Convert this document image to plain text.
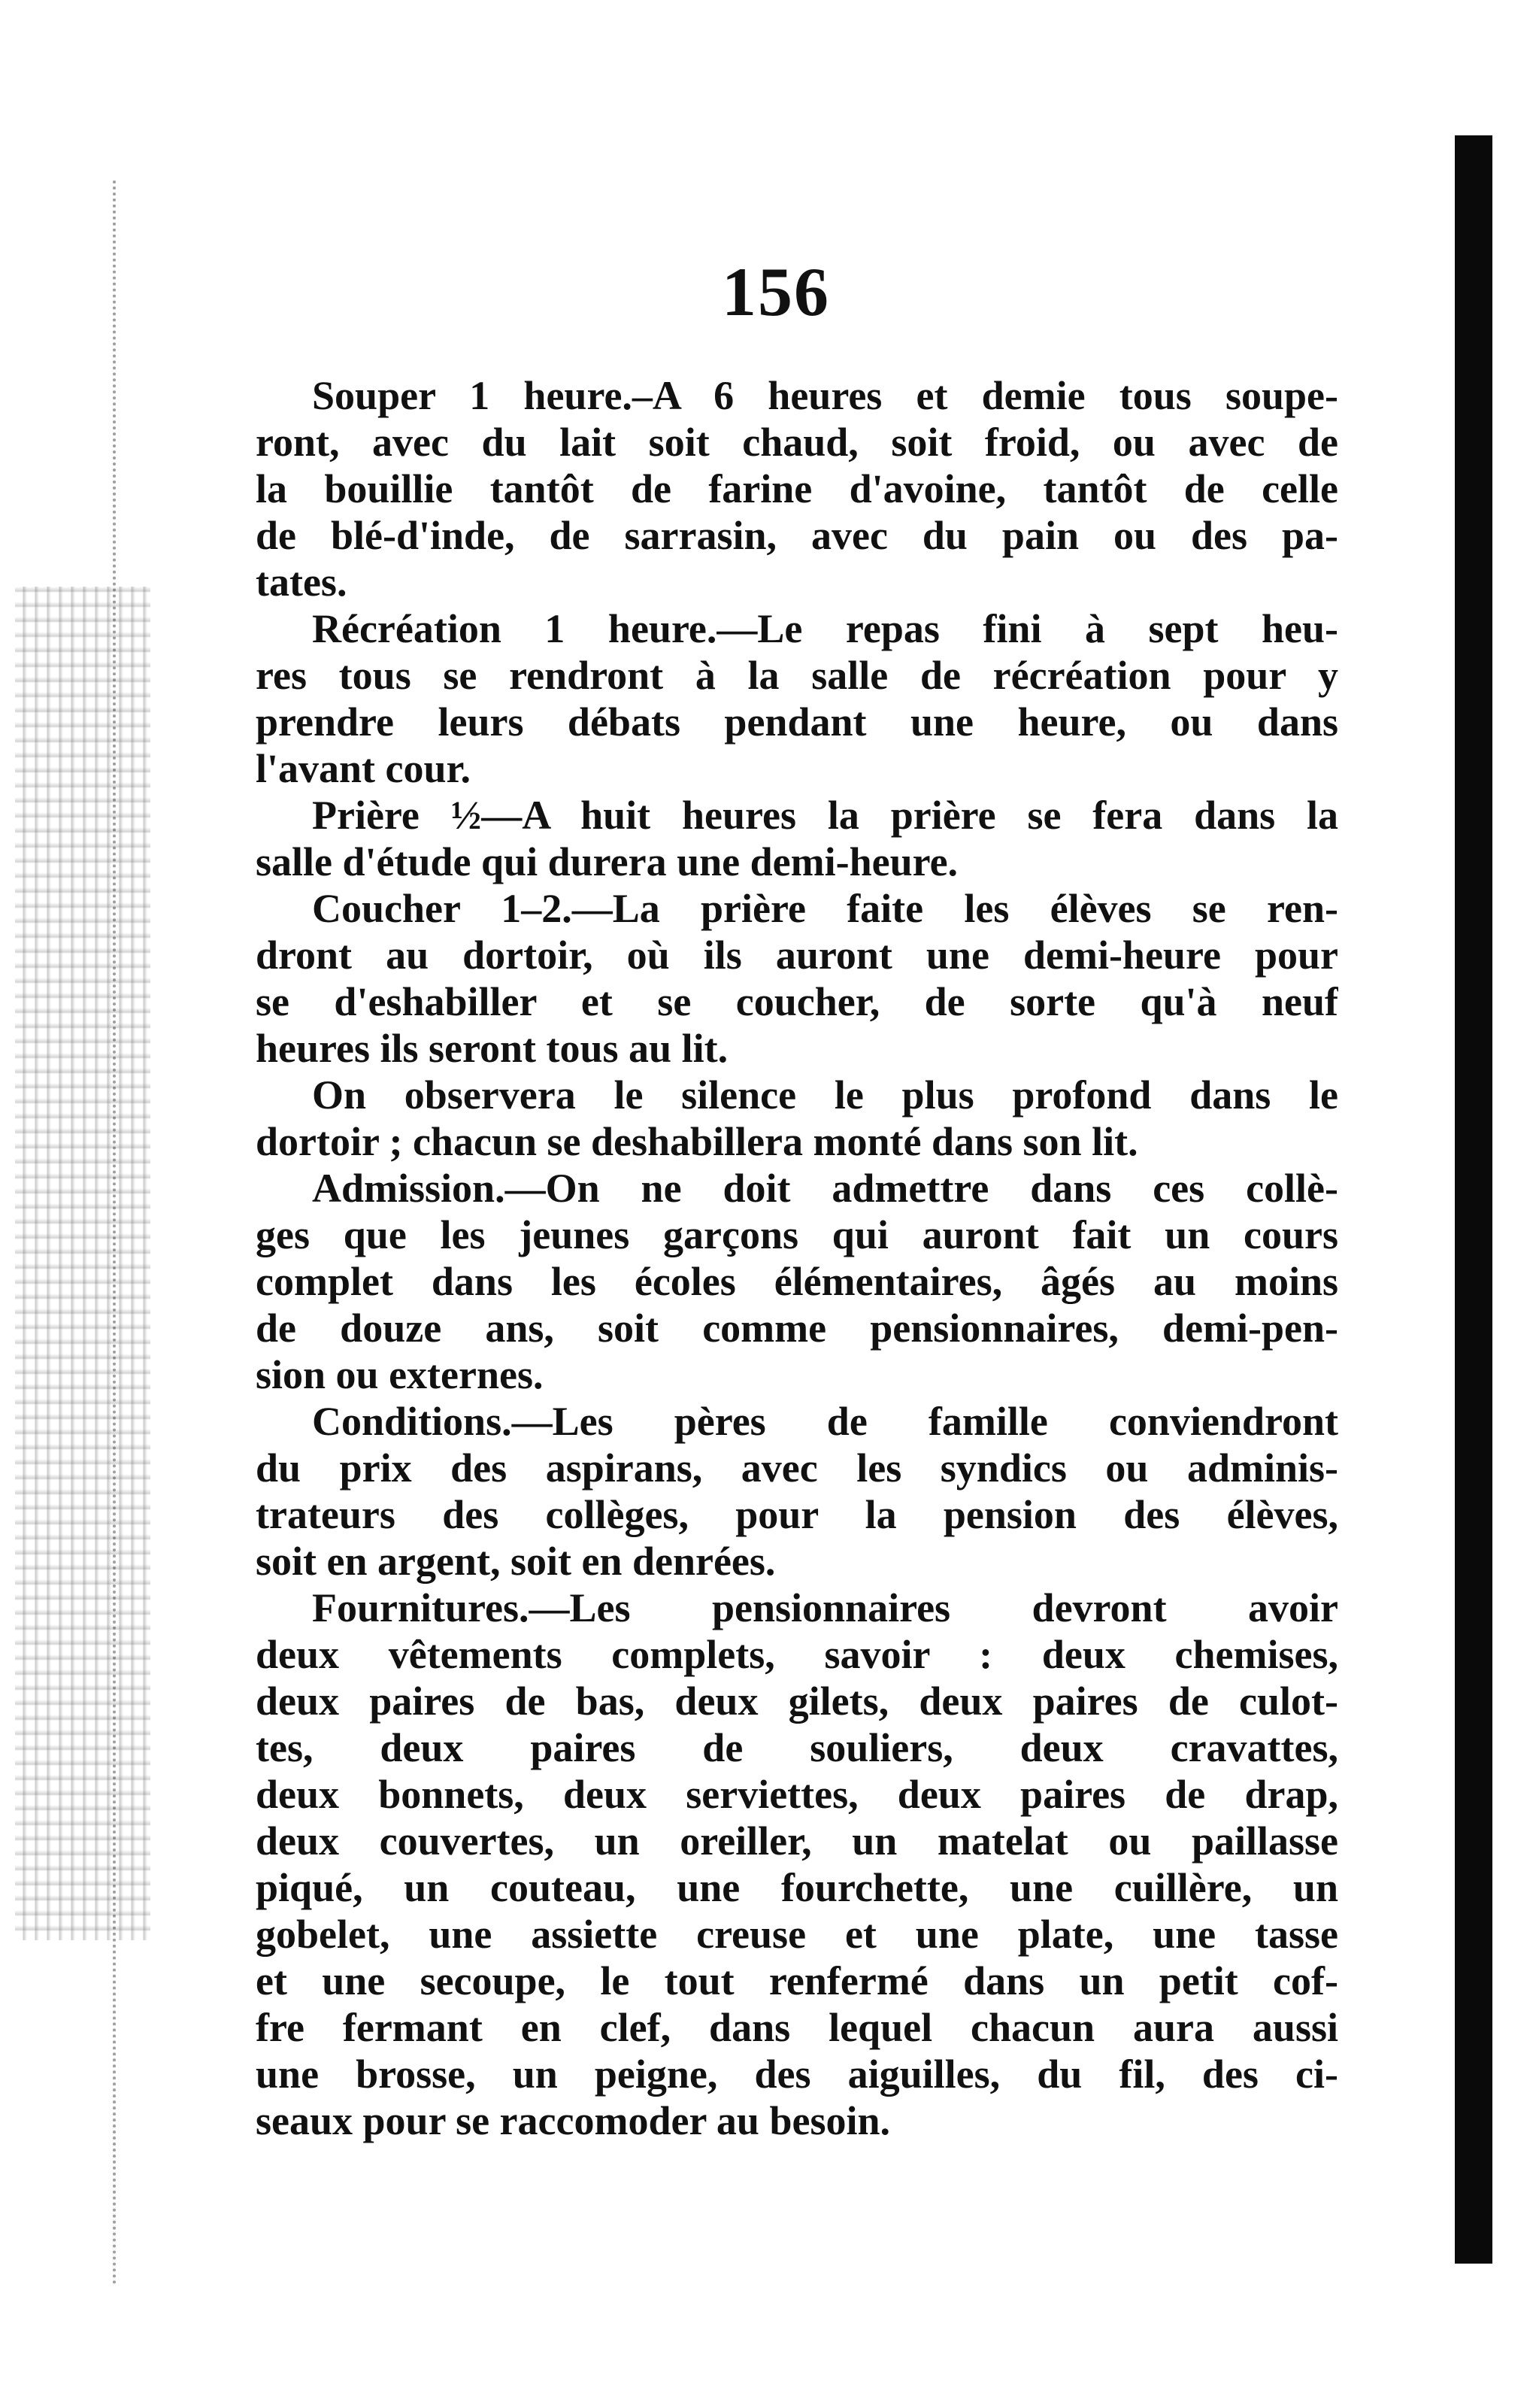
156
Souper 1 heure.–A 6 heures et demie tous soupe-
ront, avec du lait soit chaud, soit froid, ou avec de
la bouillie tantôt de farine d'avoine, tantôt de celle
de blé-d'inde, de sarrasin, avec du pain ou des pa-
tates.
Récréation 1 heure.—Le repas fini à sept heu-
res tous se rendront à la salle de récréation pour y
prendre leurs débats pendant une heure, ou dans
l'avant cour.
Prière ½—A huit heures la prière se fera dans la
salle d'étude qui durera une demi-heure.
Coucher 1–2.—La prière faite les élèves se ren-
dront au dortoir, où ils auront une demi-heure pour
se d'eshabiller et se coucher, de sorte qu'à neuf
heures ils seront tous au lit.
On observera le silence le plus profond dans le
dortoir ; chacun se deshabillera monté dans son lit.
Admission.—On ne doit admettre dans ces collè-
ges que les jeunes garçons qui auront fait un cours
complet dans les écoles élémentaires, âgés au moins
de douze ans, soit comme pensionnaires, demi-pen-
sion ou externes.
Conditions.—Les pères de famille conviendront
du prix des aspirans, avec les syndics ou adminis-
trateurs des collèges, pour la pension des élèves,
soit en argent, soit en denrées.
Fournitures.—Les pensionnaires devront avoir
deux vêtements complets, savoir : deux chemises,
deux paires de bas, deux gilets, deux paires de culot-
tes, deux paires de souliers, deux cravattes,
deux bonnets, deux serviettes, deux paires de drap,
deux couvertes, un oreiller, un matelat ou paillasse
piqué, un couteau, une fourchette, une cuillère, un
gobelet, une assiette creuse et une plate, une tasse
et une secoupe, le tout renfermé dans un petit cof-
fre fermant en clef, dans lequel chacun aura aussi
une brosse, un peigne, des aiguilles, du fil, des ci-
seaux pour se raccomoder au besoin.
